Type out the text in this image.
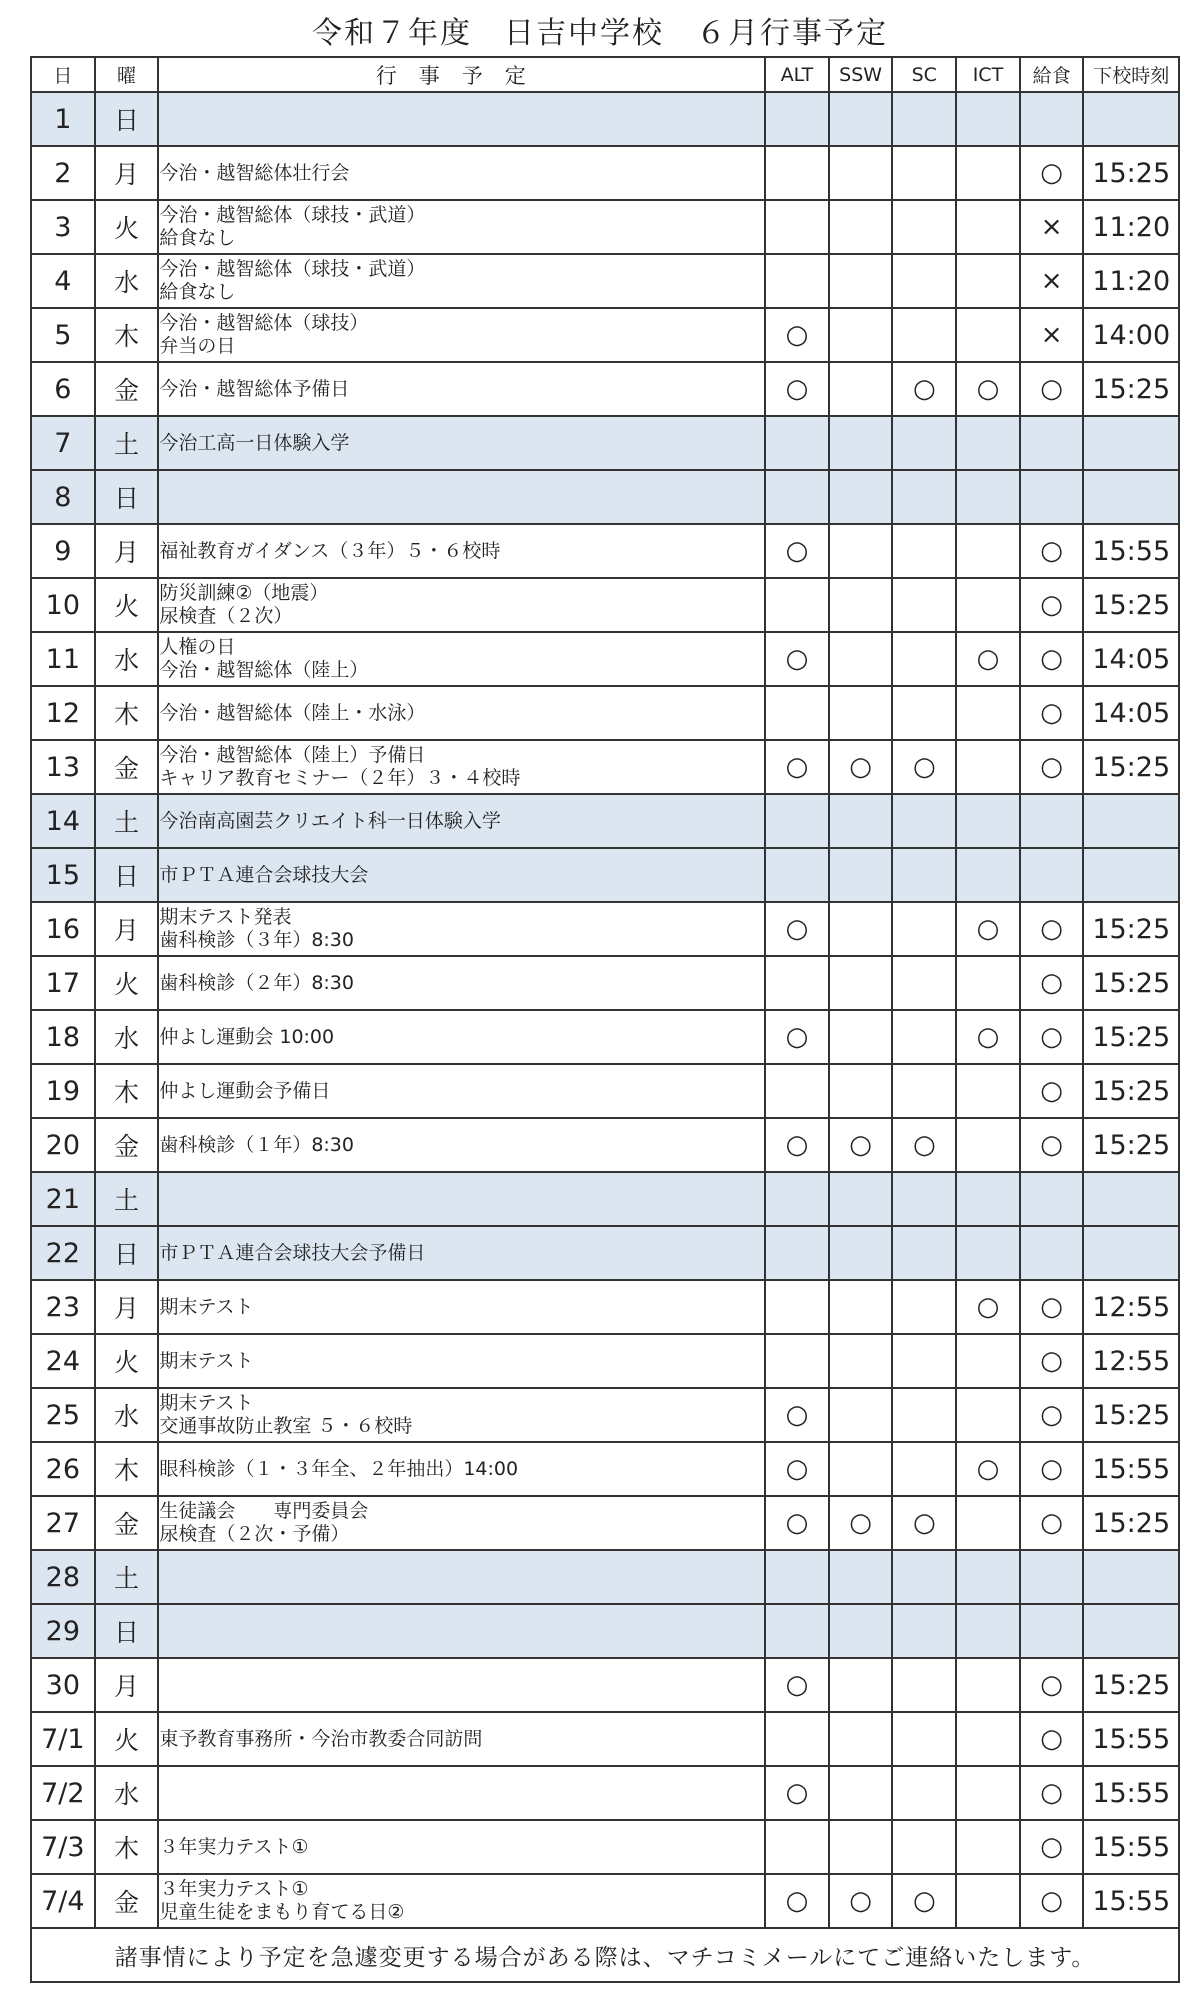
令和７年度　日吉中学校　６月行事予定
日	曜	行事予定	ALT	SSW	SC	ICT	給食	下校時刻
1	日							
2	月	今治・越智総体壮行会					○	15:25
3	火	今治・越智総体（球技・武道）
給食なし					×	11:20
4	水	今治・越智総体（球技・武道）
給食なし					×	11:20
5	木	今治・越智総体（球技）
弁当の日	○				×	14:00
6	金	今治・越智総体予備日	○		○	○	○	15:25
7	土	今治工高一日体験入学						

8	日							
9	月	福祉教育ガイダンス（３年）５・６校時	○				○	15:55
10	火	防災訓練②（地震）
尿検査（２次）					○	15:25
11	水	人権の日
今治・越智総体（陸上）	○			○	○	14:05
12	木	今治・越智総体（陸上・水泳）					○	14:05
13	金	今治・越智総体（陸上）予備日
キャリア教育セミナー（２年）３・４校時	○	○	○		○	15:25
14	土	今治南高園芸クリエイト科一日体験入学						

15	日	市ＰＴＡ連合会球技大会						

16	月	期末テスト発表
歯科検診（３年）8:30	○			○	○	15:25
17	火	歯科検診（２年）8:30					○	15:25
18	水	仲よし運動会 10:00	○			○	○	15:25
19	木	仲よし運動会予備日					○	15:25
20	金	歯科検診（１年）8:30	○	○	○		○	15:25
21	土							
22	日	市ＰＴＡ連合会球技大会予備日						

23	月	期末テスト				○	○	12:55
24	火	期末テスト					○	12:55
25	水	期末テスト
交通事故防止教室 ５・６校時	○				○	15:25
26	木	眼科検診（１・３年全、２年抽出）14:00	○			○	○	15:55
27	金	生徒議会　　専門委員会
尿検査（２次・予備）	○	○	○		○	15:25
28	土							
29	日							
30	月		○				○	15:25
7/1	火	東予教育事務所・今治市教委合同訪問					○	15:55
7/2	水		○				○	15:55
7/3	木	３年実力テスト①					○	15:55
7/4	金	３年実力テスト①
児童生徒をまもり育てる日②	○	○	○		○	15:55
諸事情により予定を急遽変更する場合がある際は、マチコミメールにてご連絡いたします。								
